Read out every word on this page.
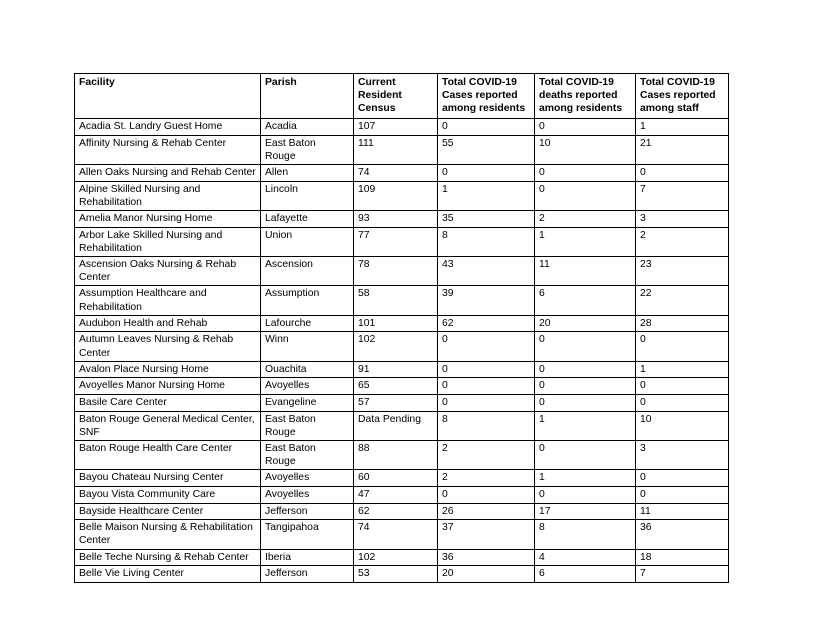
Facility	Parish	Current Resident Census	Total COVID-19 Cases reported among residents	Total COVID-19 deaths reported among residents	Total COVID-19 Cases reported among staff
Acadia St. Landry Guest Home	Acadia	107	0	0	1
Affinity Nursing & Rehab Center	East Baton Rouge	111	55	10	21
Allen Oaks Nursing and Rehab Center	Allen	74	0	0	0
Alpine Skilled Nursing and Rehabilitation	Lincoln	109	1	0	7
Amelia Manor Nursing Home	Lafayette	93	35	2	3
Arbor Lake Skilled Nursing and Rehabilitation	Union	77	8	1	2
Ascension Oaks Nursing & Rehab Center	Ascension	78	43	11	23
Assumption Healthcare and Rehabilitation	Assumption	58	39	6	22
Audubon Health and Rehab	Lafourche	101	62	20	28
Autumn Leaves Nursing & Rehab Center	Winn	102	0	0	0
Avalon Place Nursing Home	Ouachita	91	0	0	1
Avoyelles Manor Nursing Home	Avoyelles	65	0	0	0
Basile Care Center	Evangeline	57	0	0	0
Baton Rouge General Medical Center, SNF	East Baton Rouge	Data Pending	8	1	10
Baton Rouge Health Care Center	East Baton Rouge	88	2	0	3
Bayou Chateau Nursing Center	Avoyelles	60	2	1	0
Bayou Vista Community Care	Avoyelles	47	0	0	0
Bayside Healthcare Center	Jefferson	62	26	17	11
Belle Maison Nursing & Rehabilitation Center	Tangipahoa	74	37	8	36
Belle Teche Nursing & Rehab Center	Iberia	102	36	4	18
Belle Vie Living Center	Jefferson	53	20	6	7
